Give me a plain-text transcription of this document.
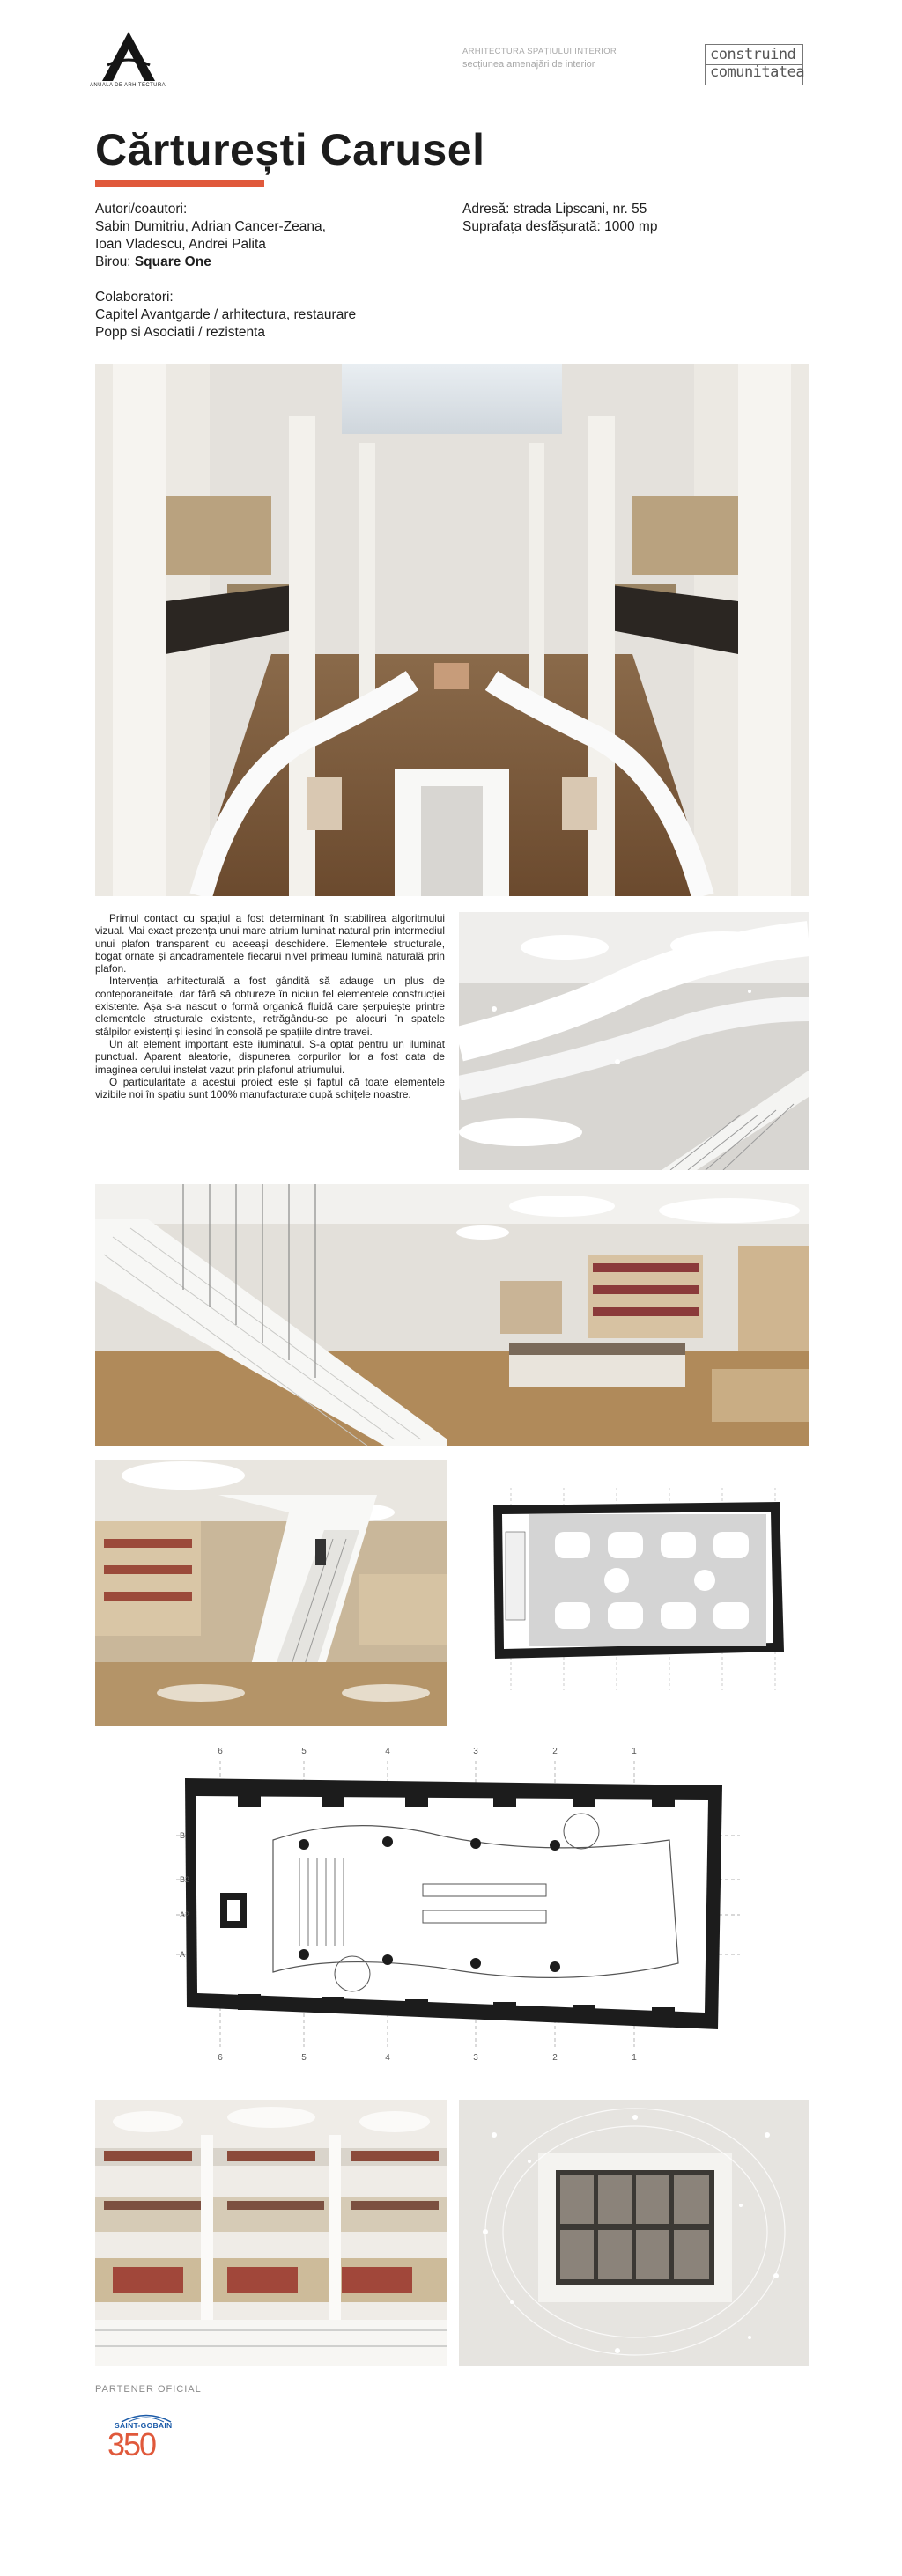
ANUALA DE ARHITECTURA
ARHITECTURA SPAȚIULUI INTERIOR
secțiunea amenajări de interior
construind
comunitatea
Cărturești Carusel
Autori/coautori:
Sabin Dumitriu, Adrian Cancer-Zeana,
Ioan Vladescu, Andrei Palita
Birou: Square One
Colaboratori:
Capitel Avantgarde / arhitectura, restaurare
Popp si Asociatii / rezistenta
Adresă: strada Lipscani, nr. 55
Suprafața desfășurată: 1000 mp

Primul contact cu spațiul a fost determinant în stabilirea algoritmului vizual. Mai exact prezența unui mare atrium luminat natural prin intermediul unui plafon transparent cu aceeași deschidere. Elementele structurale, bogat ornate și ancadramentele fiecarui nivel primeau lumină naturală prin plafon.

Intervenția arhitecturală a fost gândită să adauge un plus de conteporaneitate, dar fără să obtureze în niciun fel elementele construcției existente. Așa s-a nascut o formă organică fluidă care șerpuiește printre elementele structurale existente, retrăgându-se pe alocuri în spatele stâlpilor existenți și ieșind în consolă pe spațiile dintre travei.

Un alt element important este iluminatul. S-a optat pentru un iluminat punctual. Aparent aleatorie, dispunerea corpurilor lor a fost data de imaginea cerului instelat vazut prin plafonul atriumului.

O particularitate a acestui proiect este și faptul că toate elementele vizibile noi în spatiu sunt 100% manufacturate după schițele noastre.

6
6
5
5
4
4
3
3
2
2
1
1
B
B2
A2
A
PARTENER OFICIAL
SAINT-GOBAIN
350
